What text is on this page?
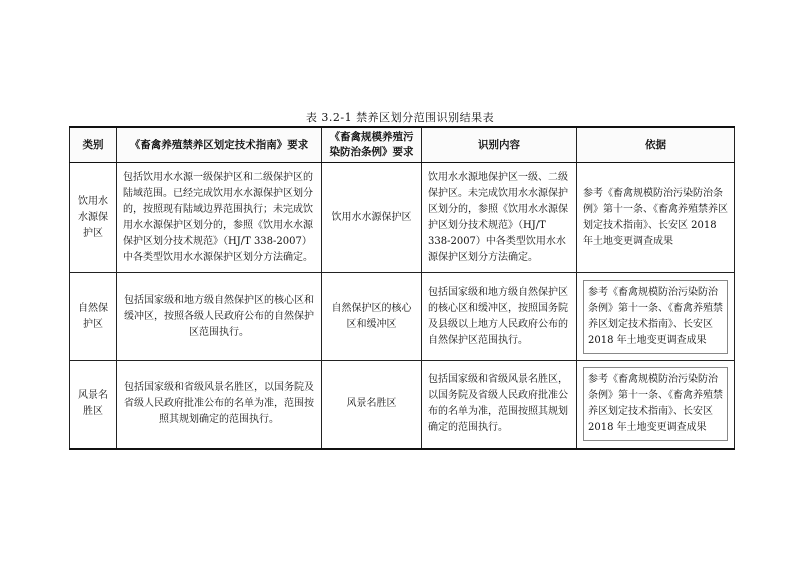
表 3.2-1 禁养区划分范围识别结果表
类别	《畜禽养殖禁养区划定技术指南》要求	《畜禽规模养殖污染防治条例》要求	识别内容	依据
饮用水水源保护区	包括饮用水水源一级保护区和二级保护区的陆域范围。已经完成饮用水水源保护区划分的，按照现有陆域边界范围执行；未完成饮用水水源保护区划分的，参照《饮用水水源保护区划分技术规范》（HJ/T 338-2007）中各类型饮用水水源保护区划分方法确定。	饮用水水源保护区	饮用水水源地保护区一级、二级保护区。未完成饮用水水源保护区划分的，参照《饮用水水源保护区划分技术规范》（HJ/T 338-2007）中各类型饮用水水源保护区划分方法确定。	参考《畜禽规模防治污染防治条例》第十一条、《畜禽养殖禁养区划定技术指南》、长安区 2018 年土地变更调查成果
自然保护区	包括国家级和地方级自然保护区的核心区和缓冲区，按照各级人民政府公布的自然保护区范围执行。	自然保护区的核心区和缓冲区	包括国家级和地方级自然保护区的核心区和缓冲区，按照国务院及县级以上地方人民政府公布的自然保护区范围执行。	参考《畜禽规模防治污染防治条例》第十一条、《畜禽养殖禁养区划定技术指南》、长安区 2018 年土地变更调查成果

风景名胜区	包括国家级和省级风景名胜区，以国务院及省级人民政府批准公布的名单为准，范围按照其规划确定的范围执行。	风景名胜区	包括国家级和省级风景名胜区，以国务院及省级人民政府批准公布的名单为准，范围按照其规划确定的范围执行。	参考《畜禽规模防治污染防治条例》第十一条、《畜禽养殖禁养区划定技术指南》、长安区 2018 年土地变更调查成果
